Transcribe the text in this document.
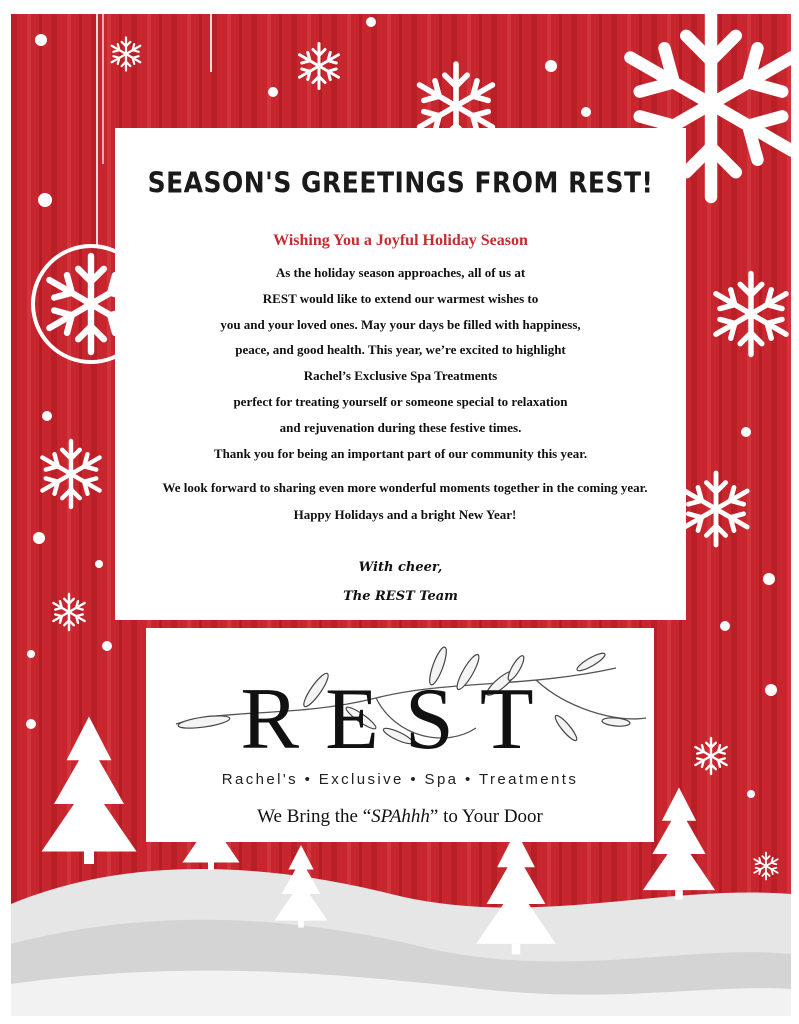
SEASON'S GREETINGS FROM REST!
Wishing You a Joyful Holiday Season
As the holiday season approaches, all of us at
REST would like to extend our warmest wishes to
you and your loved ones. May your days be filled with happiness,
peace, and good health. This year, we’re excited to highlight
Rachel’s Exclusive Spa Treatments
perfect for treating yourself or someone special to relaxation
and rejuvenation during these festive times.
Thank you for being an important part of our community this year.
With cheer,
The REST Team
We look forward to sharing even more wonderful moments together in the coming year.
Happy Holidays and a bright New Year!
REST
Rachel's • Exclusive • Spa • Treatments
We Bring the “SPAhhh” to Your Door
